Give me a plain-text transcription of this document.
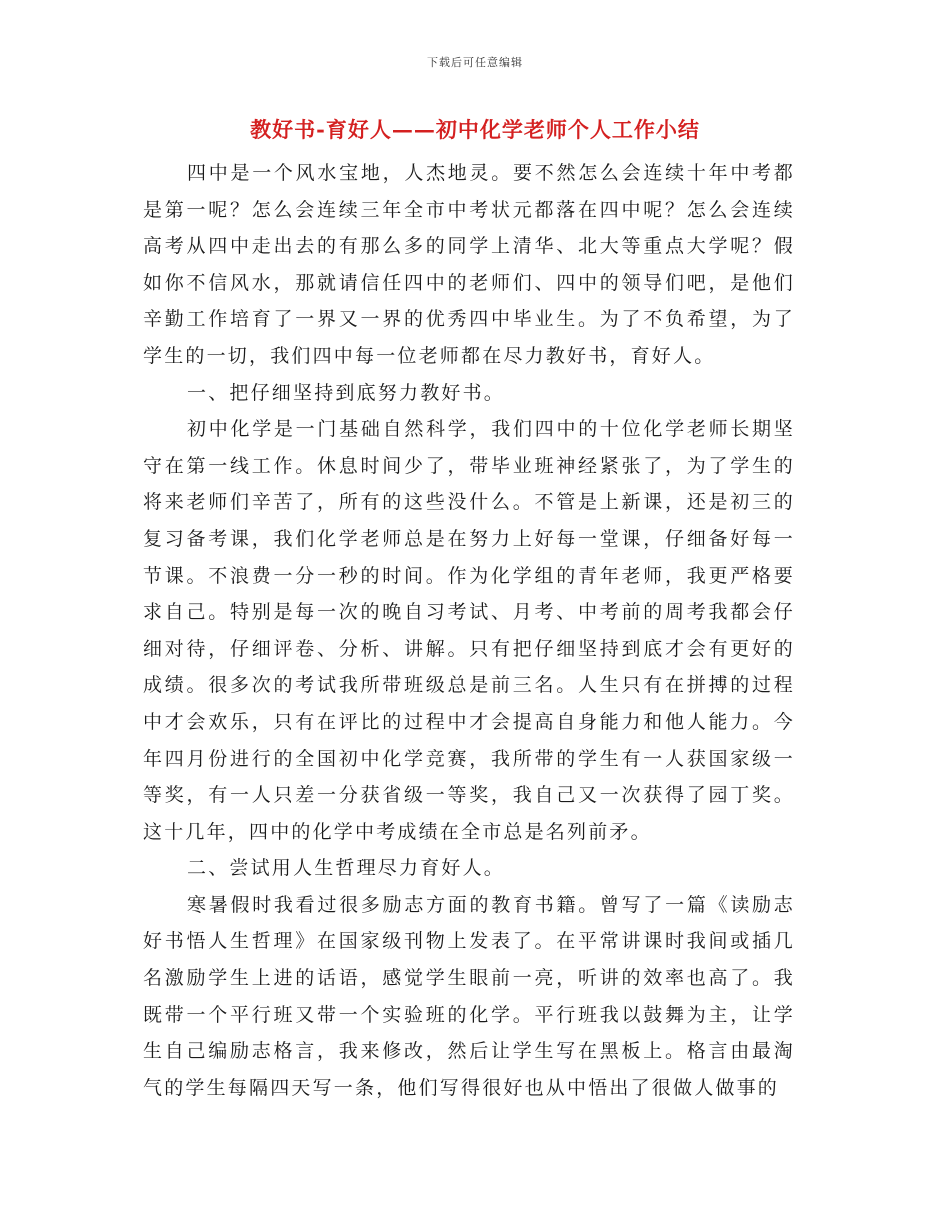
下载后可任意编辑
教好书-育好人——初中化学老师个人工作小结

四中是一个风水宝地，人杰地灵。要不然怎么会连续十年中考都是第一呢？怎么会连续三年全市中考状元都落在四中呢？怎么会连续高考从四中走出去的有那么多的同学上清华、北大等重点大学呢？假如你不信风水，那就请信任四中的老师们、四中的领导们吧，是他们辛勤工作培育了一界又一界的优秀四中毕业生。为了不负希望，为了学生的一切，我们四中每一位老师都在尽力教好书，育好人。

一、把仔细坚持到底努力教好书。

初中化学是一门基础自然科学，我们四中的十位化学老师长期坚守在第一线工作。休息时间少了，带毕业班神经紧张了，为了学生的将来老师们辛苦了，所有的这些没什么。不管是上新课，还是初三的复习备考课，我们化学老师总是在努力上好每一堂课，仔细备好每一节课。不浪费一分一秒的时间。作为化学组的青年老师，我更严格要求自己。特别是每一次的晚自习考试、月考、中考前的周考我都会仔细对待，仔细评卷、分析、讲解。只有把仔细坚持到底才会有更好的成绩。很多次的考试我所带班级总是前三名。人生只有在拼搏的过程中才会欢乐，只有在评比的过程中才会提高自身能力和他人能力。今年四月份进行的全国初中化学竞赛，我所带的学生有一人获国家级一等奖，有一人只差一分获省级一等奖，我自己又一次获得了园丁奖。这十几年，四中的化学中考成绩在全市总是名列前矛。

二、尝试用人生哲理尽力育好人。

寒暑假时我看过很多励志方面的教育书籍。曾写了一篇《读励志好书悟人生哲理》在国家级刊物上发表了。在平常讲课时我间或插几名激励学生上进的话语，感觉学生眼前一亮，听讲的效率也高了。我既带一个平行班又带一个实验班的化学。平行班我以鼓舞为主，让学生自己编励志格言，我来修改，然后让学生写在黑板上。格言由最淘气的学生每隔四天写一条，他们写得很好也从中悟出了很做人做事的
